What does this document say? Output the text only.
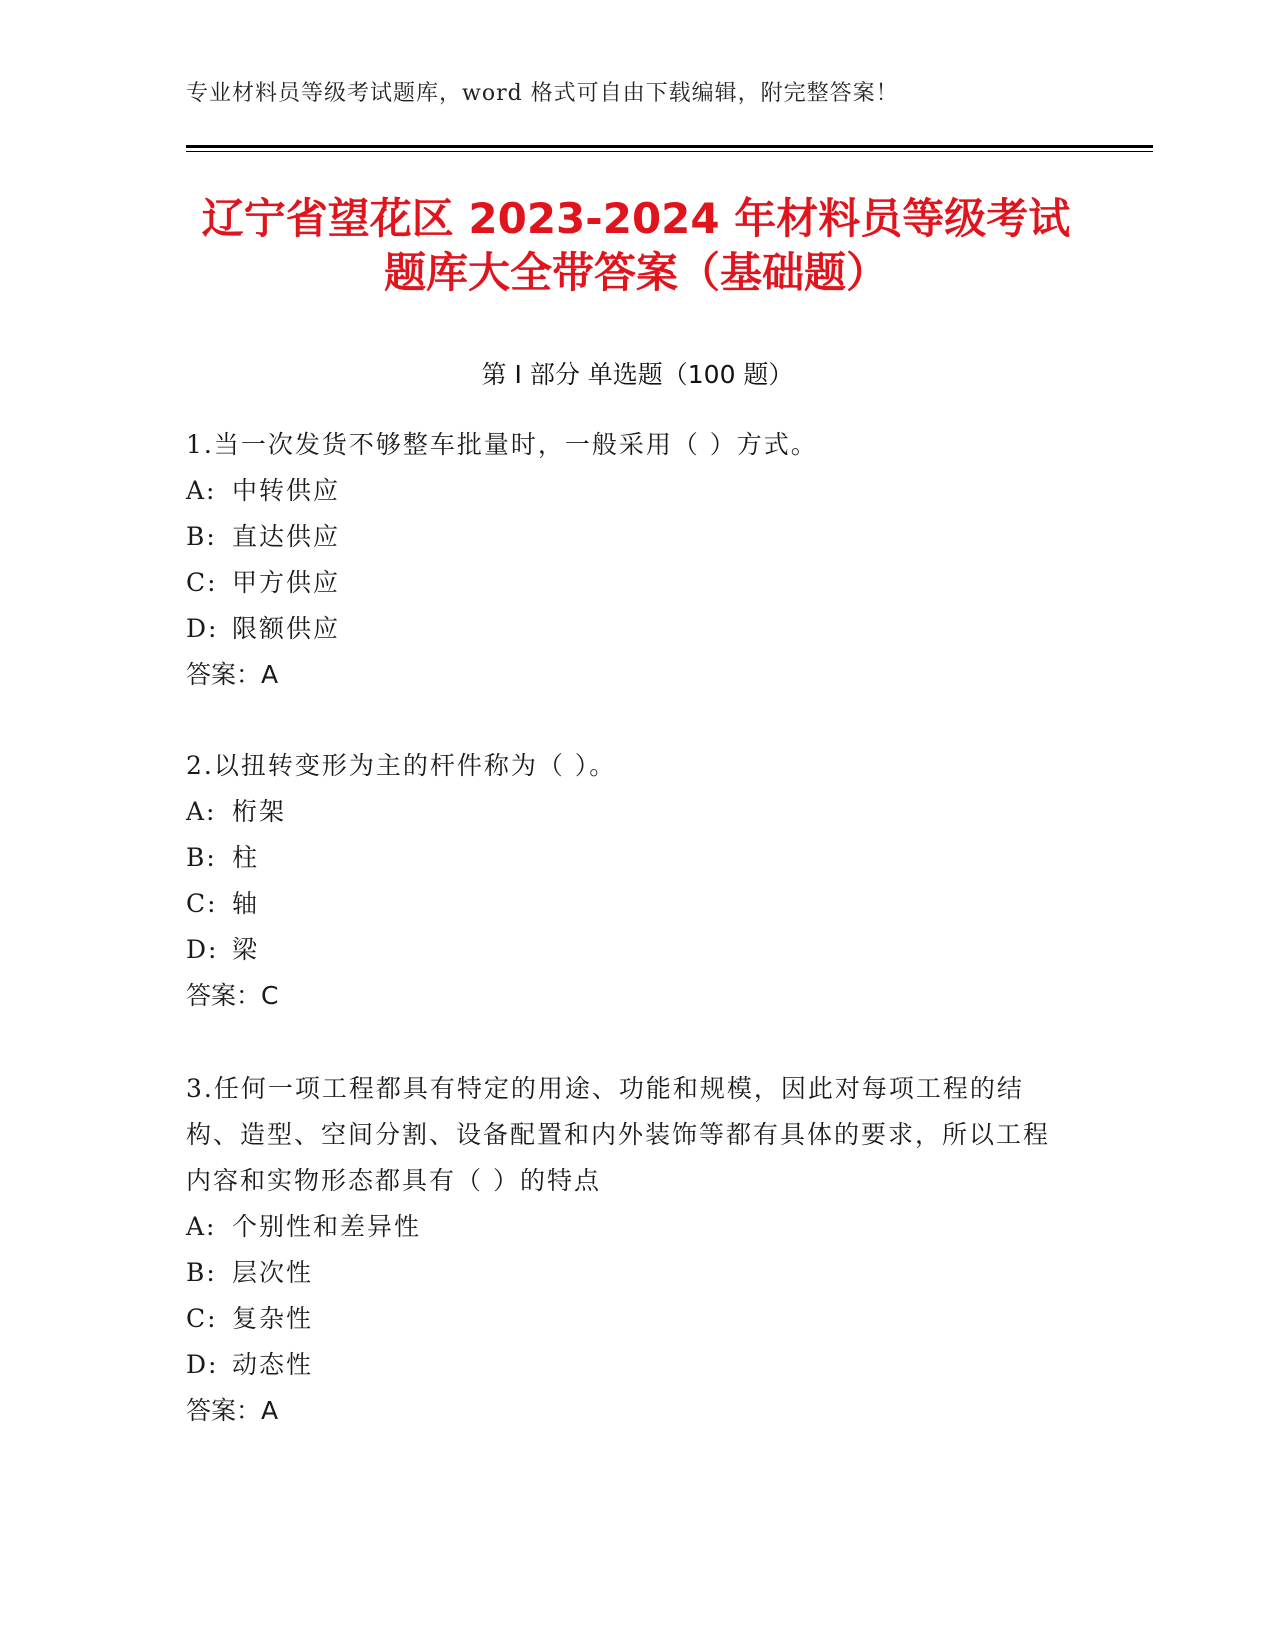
专业材料员等级考试题库，word 格式可自由下载编辑，附完整答案！
辽宁省望花区 2023-2024 年材料员等级考试
题库大全带答案（基础题）
第 I 部分 单选题（100 题）
1.当一次发货不够整车批量时，一般采用（ ）方式。
A: 中转供应
B: 直达供应
C: 甲方供应
D: 限额供应
答案：A
2.以扭转变形为主的杆件称为（ ）。
A: 桁架
B: 柱
C: 轴
D: 梁
答案：C
3.任何一项工程都具有特定的用途、功能和规模，因此对每项工程的结构、造型、空间分割、设备配置和内外装饰等都有具体的要求，所以工程内容和实物形态都具有（ ）的特点
A: 个别性和差异性
B: 层次性
C: 复杂性
D: 动态性
答案：A
